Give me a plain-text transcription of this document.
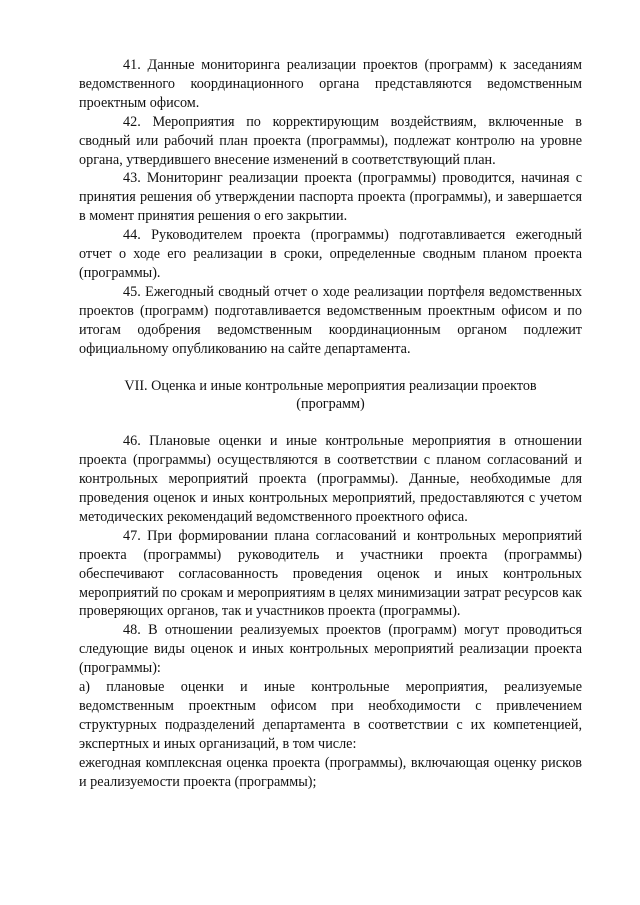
41. Данные мониторинга реализации проектов (программ) к заседаниям ведомственного координационного органа представляются ведомственным проектным офисом.

42. Мероприятия по корректирующим воздействиям, включенные в сводный или рабочий план проекта (программы), подлежат контролю на уровне органа, утвердившего внесение изменений в соответствующий план.

43. Мониторинг реализации проекта (программы) проводится, начиная с принятия решения об утверждении паспорта проекта (программы), и завершается в момент принятия решения о его закрытии.

44. Руководителем проекта (программы) подготавливается ежегодный отчет о ходе его реализации в сроки, определенные сводным планом проекта (программы).

45. Ежегодный сводный отчет о ходе реализации портфеля ведомственных проектов (программ) подготавливается ведомственным проектным офисом и по итогам одобрения ведомственным координационным органом подлежит официальному опубликованию на сайте департамента.

VII. Оценка и иные контрольные мероприятия реализации проектов
(программ)

46. Плановые оценки и иные контрольные мероприятия в отношении проекта (программы) осуществляются в соответствии с планом согласований и контрольных мероприятий проекта (программы). Данные, необходимые для проведения оценок и иных контрольных мероприятий, предоставляются с учетом методических рекомендаций ведомственного проектного офиса.

47. При формировании плана согласований и контрольных мероприятий проекта (программы) руководитель и участники проекта (программы) обеспечивают согласованность проведения оценок и иных контрольных мероприятий по срокам и мероприятиям в целях минимизации затрат ресурсов как проверяющих органов, так и участников проекта (программы).

48. В отношении реализуемых проектов (программ) могут проводиться следующие виды оценок и иных контрольных мероприятий реализации проекта (программы):

а) плановые оценки и иные контрольные мероприятия, реализуемые ведомственным проектным офисом при необходимости с привлечением структурных подразделений департамента в соответствии с их компетенцией, экспертных и иных организаций, в том числе:

ежегодная комплексная оценка проекта (программы), включающая оценку рисков и реализуемости проекта (программы);
